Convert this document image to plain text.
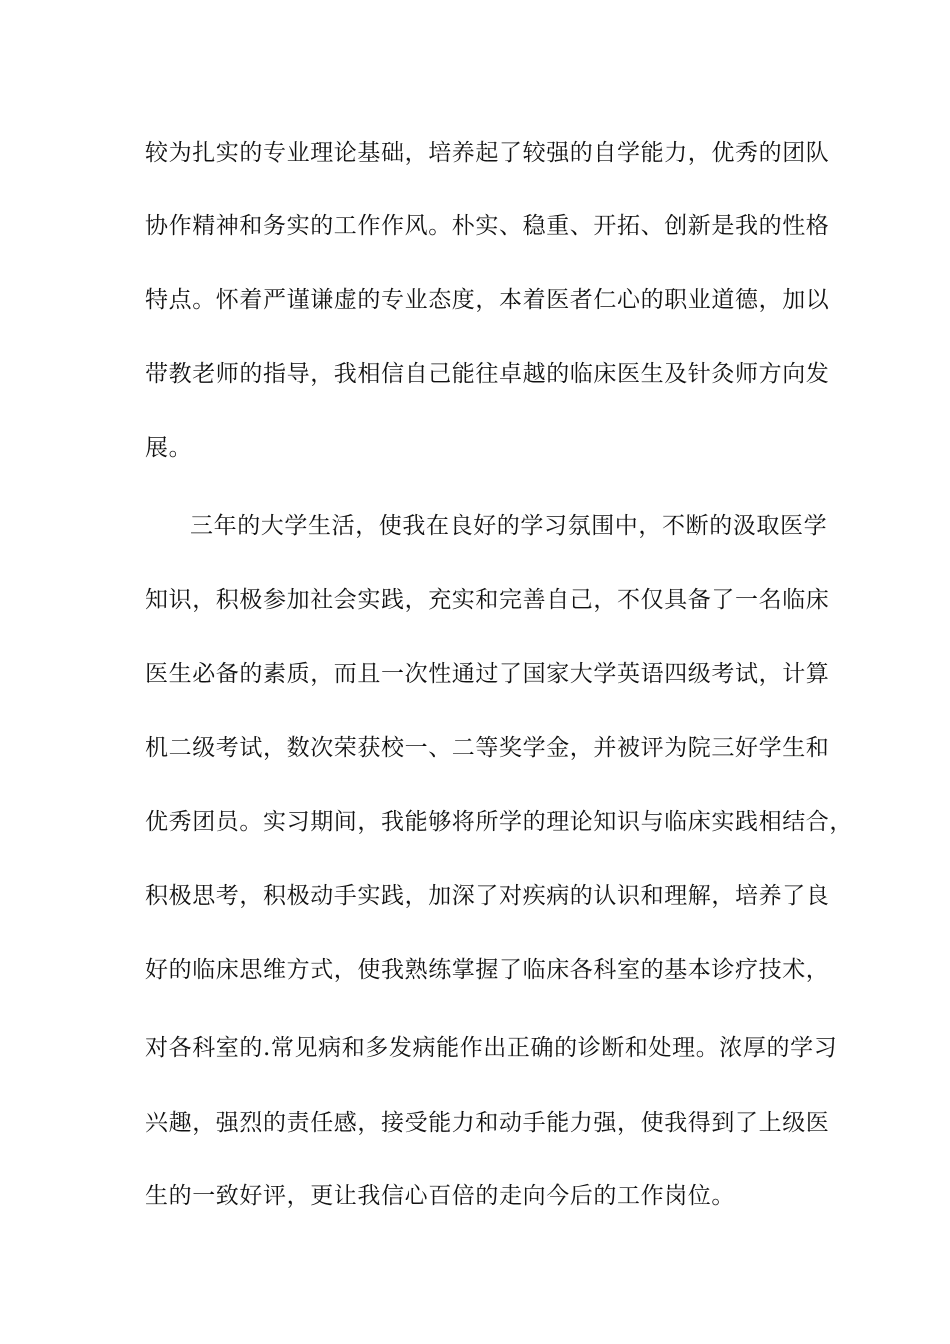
较为扎实的专业理论基础，培养起了较强的自学能力，优秀的团队

协作精神和务实的工作作风。朴实、稳重、开拓、创新是我的性格

特点。怀着严谨谦虚的专业态度，本着医者仁心的职业道德，加以

带教老师的指导，我相信自己能往卓越的临床医生及针灸师方向发

展。

三年的大学生活，使我在良好的学习氛围中，不断的汲取医学

知识，积极参加社会实践，充实和完善自己，不仅具备了一名临床

医生必备的素质，而且一次性通过了国家大学英语四级考试，计算

机二级考试，数次荣获校一、二等奖学金，并被评为院三好学生和

优秀团员。实习期间，我能够将所学的理论知识与临床实践相结合，

积极思考，积极动手实践，加深了对疾病的认识和理解，培养了良

好的临床思维方式，使我熟练掌握了临床各科室的基本诊疗技术，

对各科室的.常见病和多发病能作出正确的诊断和处理。浓厚的学习

兴趣，强烈的责任感，接受能力和动手能力强，使我得到了上级医

生的一致好评，更让我信心百倍的走向今后的工作岗位。
